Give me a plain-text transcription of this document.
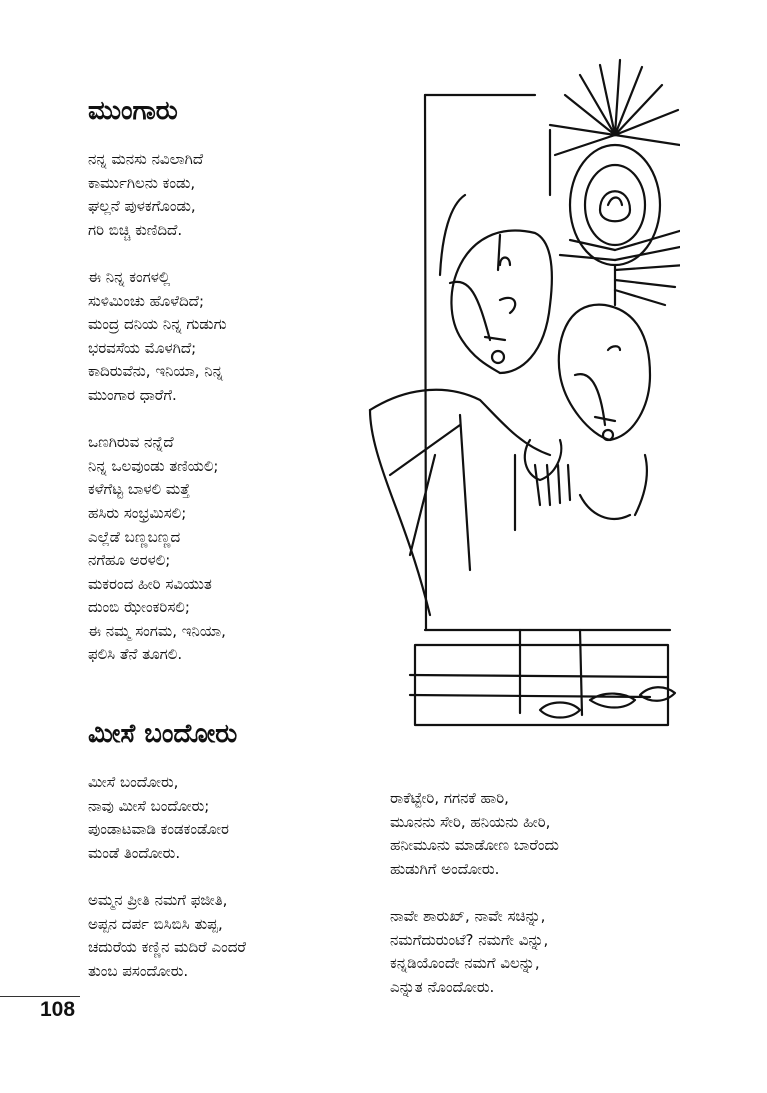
ಮುಂಗಾರು
ನನ್ನ ಮನಸು ನವಿಲಾಗಿದೆ
ಕಾರ್ಮುಗಿಲನು ಕಂಡು,
ಘಲ್ಲನೆ ಪುಳಕಗೊಂಡು,
ಗರಿ ಬಿಚ್ಚಿ ಕುಣಿದಿದೆ.
ಈ ನಿನ್ನ ಕಂಗಳಲ್ಲಿ
ಸುಳಿಮಿಂಚು ಹೊಳೆದಿದೆ;
ಮಂದ್ರ ದನಿಯ ನಿನ್ನ ಗುಡುಗು
ಭರವಸೆಯ ಮೊಳಗಿದೆ;
ಕಾದಿರುವೆನು, ಇನಿಯಾ, ನಿನ್ನ
ಮುಂಗಾರ ಧಾರೆಗೆ.
ಒಣಗಿರುವ ನನ್ನೆದೆ
ನಿನ್ನ ಒಲವುಂಡು ತಣಿಯಲಿ;
ಕಳೆಗೆಟ್ಟ ಬಾಳಲಿ ಮತ್ತೆ
ಹಸಿರು ಸಂಭ್ರಮಿಸಲಿ;
ಎಲ್ಲೆಡೆ ಬಣ್ಣಬಣ್ಣದ
ನಗೆಹೂ ಅರಳಲಿ;
ಮಕರಂದ ಹೀರಿ ಸವಿಯುತ
ದುಂಬಿ ಝೇಂಕರಿಸಲಿ;
ಈ ನಮ್ಮ ಸಂಗಮ, ಇನಿಯಾ,
ಫಲಿಸಿ ತೆನೆ ತೂಗಲಿ.
ಮೀಸೆ ಬಂದೋರು
ಮೀಸೆ ಬಂದೋರು,
ನಾವು ಮೀಸೆ ಬಂದೋರು;
ಪುಂಡಾಟವಾಡಿ ಕಂಡಕಂಡೋರ
ಮಂಡೆ ತಿಂದೋರು.
ಅಮ್ಮನ ಪ್ರೀತಿ ನಮಗೆ ಫಜೀತಿ,
ಅಪ್ಪನ ದರ್ಪ ಬಿಸಿಬಿಸಿ ತುಪ್ಪ,
ಚದುರೆಯ ಕಣ್ಣಿನ ಮದಿರೆ ಎಂದರೆ
ತುಂಬ ಪಸಂದೋರು.
ರಾಕೆಟ್ಟೇರಿ, ಗಗನಕೆ ಹಾರಿ,
ಮೂನನು ಸೇರಿ, ಹನಿಯನು ಹೀರಿ,
ಹನೀಮೂನು ಮಾಡೋಣ ಬಾರೆಂದು
ಹುಡುಗಿಗೆ ಅಂದೋರು.
ನಾವೇ ಶಾರುಖ್, ನಾವೇ ಸಚಿನ್ನು,
ನಮಗೆದುರುಂಟೆ? ನಮಗೇ ವಿನ್ನು,
ಕನ್ನಡಿಯೊಂದೇ ನಮಗೆ ವಿಲನ್ನು,
ಎನ್ನುತ ನೊಂದೋರು.
108
